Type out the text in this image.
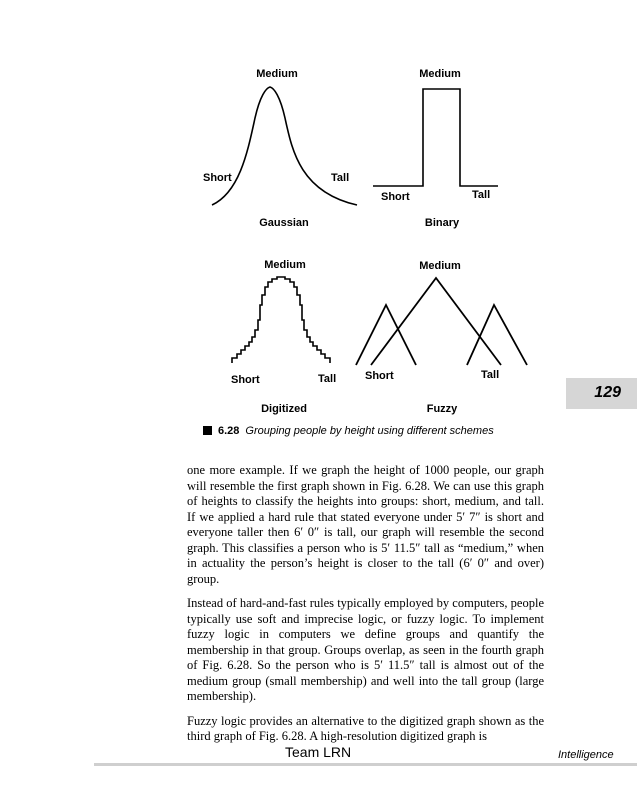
Medium
Short	Tall
Gaussian
Medium
Short	Tall
Binary
Medium
Short	Tall
Digitized
Medium
Short	Tall
Fuzzy
6.28 Grouping people by height using different schemes
129

one more example. If we graph the height of 1000 people, our graph will resemble the first graph shown in Fig. 6.28. We can use this graph of heights to classify the heights into groups: short, medium, and tall. If we applied a hard rule that stated everyone under 5′ 7″ is short and everyone taller then 6′ 0″ is tall, our graph will resemble the second graph. This classifies a person who is 5′ 11.5″ tall as “medium,” when in actuality the person’s height is closer to the tall (6′ 0″ and over) group.

Instead of hard-and-fast rules typically employed by computers, people typically use soft and imprecise logic, or fuzzy logic. To implement fuzzy logic in computers we define groups and quantify the membership in that group. Groups overlap, as seen in the fourth graph of Fig. 6.28. So the person who is 5′ 11.5″ tall is almost out of the medium group (small membership) and well into the tall group (large membership).

Fuzzy logic provides an alternative to the digitized graph shown as the third graph of Fig. 6.28. A high-resolution digitized graph is

Team LRN	Intelligence
